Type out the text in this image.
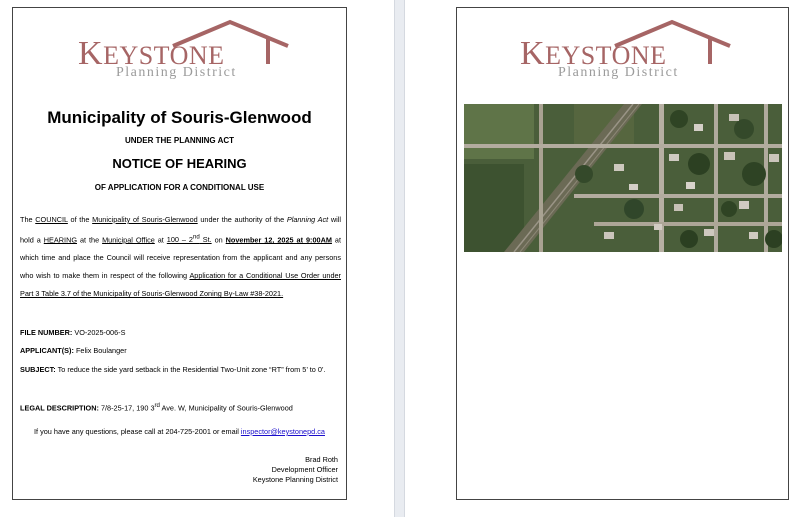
KEYSTONE
Planning District
Municipality of Souris-Glenwood
UNDER THE PLANNING ACT
NOTICE OF HEARING
OF APPLICATION FOR A CONDITIONAL USE
The COUNCIL of the Municipality of Souris-Glenwood under the authority of the Planning Act will hold a HEARING at the Municipal Office at 100 – 2nd St. on November 12, 2025 at 9:00AM at which time and place the Council will receive representation from the applicant and any persons who wish to make them in respect of the following Application for a Conditional Use Order under Part 3 Table 3.7 of the Municipality of Souris-Glenwood Zoning By-Law #38-2021.
FILE NUMBER: VO-2025-006-S
APPLICANT(S): Felix Boulanger
SUBJECT: To reduce the side yard setback in the Residential Two-Unit zone “RT” from 5’ to 0’.
LEGAL DESCRIPTION: 7/8-25-17, 190 3rd Ave. W, Municipality of Souris-Glenwood
If you have any questions, please call at 204-725-2001 or email inspector@keystonepd.ca
Brad Roth
Development Officer
Keystone Planning District
KEYSTONE
Planning District
